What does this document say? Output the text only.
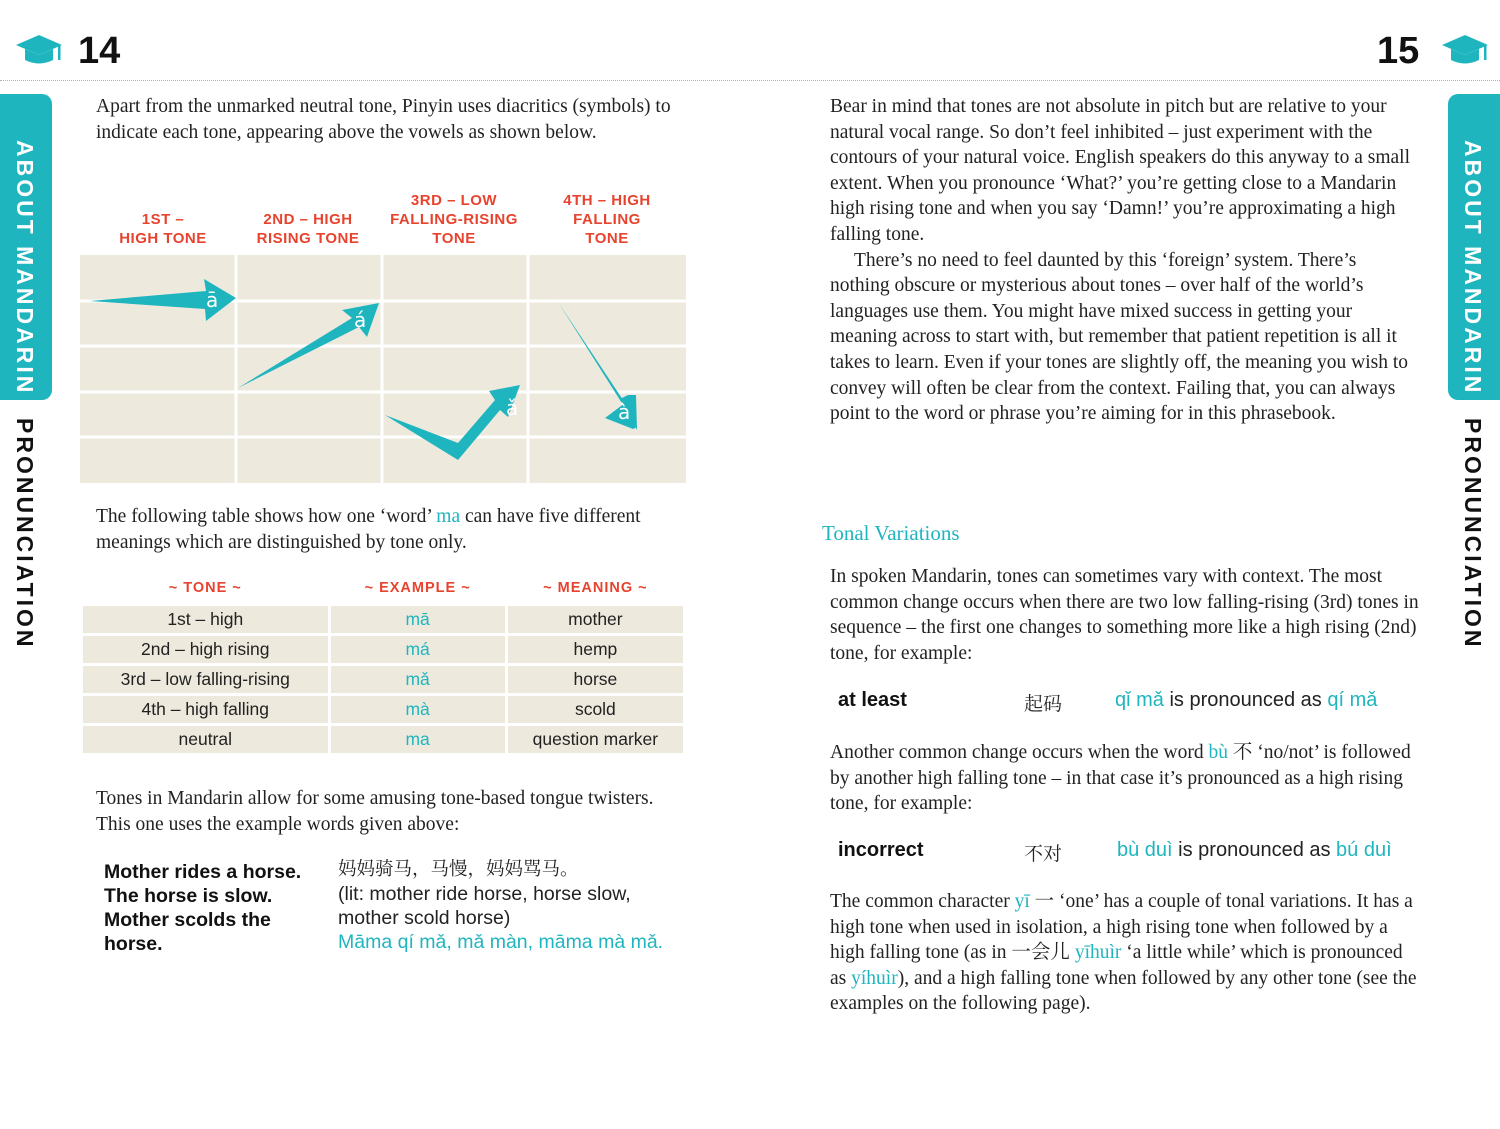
14	15
ABOUT MANDARIN
PRONUNCIATION
ABOUT MANDARIN
PRONUNCIATION
Apart from the unmarked neutral tone, Pinyin uses diacritics (symbols) to indicate each tone, appearing above the vowels as shown below.
1ST –
HIGH TONE
2ND – HIGH
RISING TONE
3RD – LOW
FALLING-RISING
TONE
4TH – HIGH
FALLING
TONE
ā
á
ǎ	à
The following table shows how one ‘word’ ma can have five different meanings which are distinguished by tone only.
~ TONE ~	~ EXAMPLE ~	~ MEANING ~
1st – high	mā	mother
2nd – high rising	má	hemp
3rd – low falling-rising	mǎ	horse
4th – high falling	mà	scold
neutral	ma	question marker
Tones in Mandarin allow for some amusing tone-based tongue twisters. This one uses the example words given above:
Mother rides a horse. The horse is slow. Mother scolds the horse.
妈妈骑马，马慢，妈妈骂马。
(lit: mother ride horse, horse slow, mother scold horse)
Māma qí mǎ, mǎ màn, māma mà mǎ.

Bear in mind that tones are not absolute in pitch but are relative to your natural vocal range. So don’t feel inhibited – just experiment with the contours of your natural voice. English speakers do this anyway to a small extent. When you pronounce ‘What?’ you’re getting close to a Mandarin high rising tone and when you say ‘Damn!’ you’re approximating a high falling tone.

There’s no need to feel daunted by this ‘foreign’ system. There’s nothing obscure or mysterious about tones – over half of the world’s languages use them. You might have mixed success in getting your meaning across to start with, but remember that patient repetition is all it takes to learn. Even if your tones are slightly off, the meaning you wish to convey will often be clear from the context. Failing that, you can always point to the word or phrase you’re aiming for in this phrasebook.

Tonal Variations
In spoken Mandarin, tones can sometimes vary with context. The most common change occurs when there are two low falling-rising (3rd) tones in sequence – the first one changes to something more like a high rising (2nd) tone, for example:
at least	起码	qǐ mǎ is pronounced as qí mǎ
Another common change occurs when the word bù 不 ‘no/not’ is followed by another high falling tone – in that case it’s pronounced as a high rising tone, for example:
incorrect	不对	bù duì is pronounced as bú duì
The common character yī 一 ‘one’ has a couple of tonal variations. It has a high tone when used in isolation, a high rising tone when followed by a high falling tone (as in 一会儿 yīhuìr ‘a little while’ which is pronounced as yíhuìr), and a high falling tone when followed by any other tone (see the examples on the following page).
